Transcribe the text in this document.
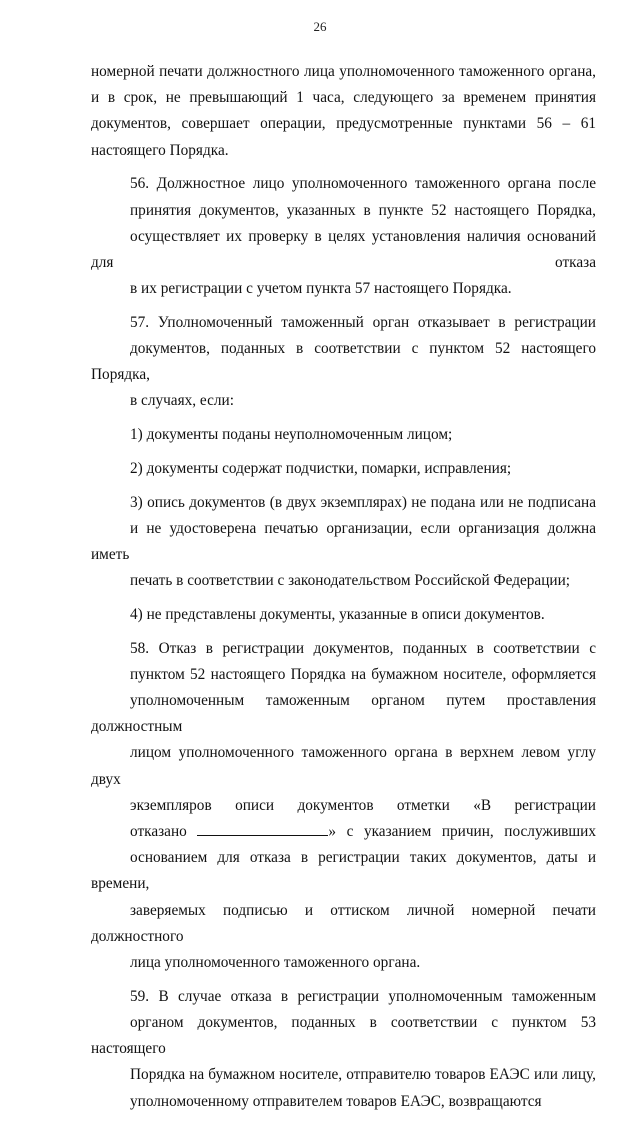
26
номерной печати должностного лица уполномоченного таможенного органа,
и в срок, не превышающий 1 часа, следующего за временем принятия
документов, совершает операции, предусмотренные пунктами 56 – 61
настоящего Порядка.
56. Должностное лицо уполномоченного таможенного органа после
принятия документов, указанных в пункте 52 настоящего Порядка,
осуществляет их проверку в целях установления наличия оснований для отказа
в их регистрации с учетом пункта 57 настоящего Порядка.
57. Уполномоченный таможенный орган отказывает в регистрации
документов, поданных в соответствии с пунктом 52 настоящего Порядка,
в случаях, если:
1) документы поданы неуполномоченным лицом;
2) документы содержат подчистки, помарки, исправления;
3) опись документов (в двух экземплярах) не подана или не подписана
и не удостоверена печатью организации, если организация должна иметь
печать в соответствии с законодательством Российской Федерации;
4) не представлены документы, указанные в описи документов.
58. Отказ в регистрации документов, поданных в соответствии с
пунктом 52 настоящего Порядка на бумажном носителе, оформляется
уполномоченным таможенным органом путем проставления должностным
лицом уполномоченного таможенного органа в верхнем левом углу двух
экземпляров описи документов отметки «В регистрации
отказано	» с указанием причин, послуживших
основанием для отказа в регистрации таких документов, даты и времени,
заверяемых подписью и оттиском личной номерной печати должностного
лица уполномоченного таможенного органа.
59. В случае отказа в регистрации уполномоченным таможенным
органом документов, поданных в соответствии с пунктом 53 настоящего
Порядка на бумажном носителе, отправителю товаров ЕАЭС или лицу,
уполномоченному отправителем товаров ЕАЭС, возвращаются
